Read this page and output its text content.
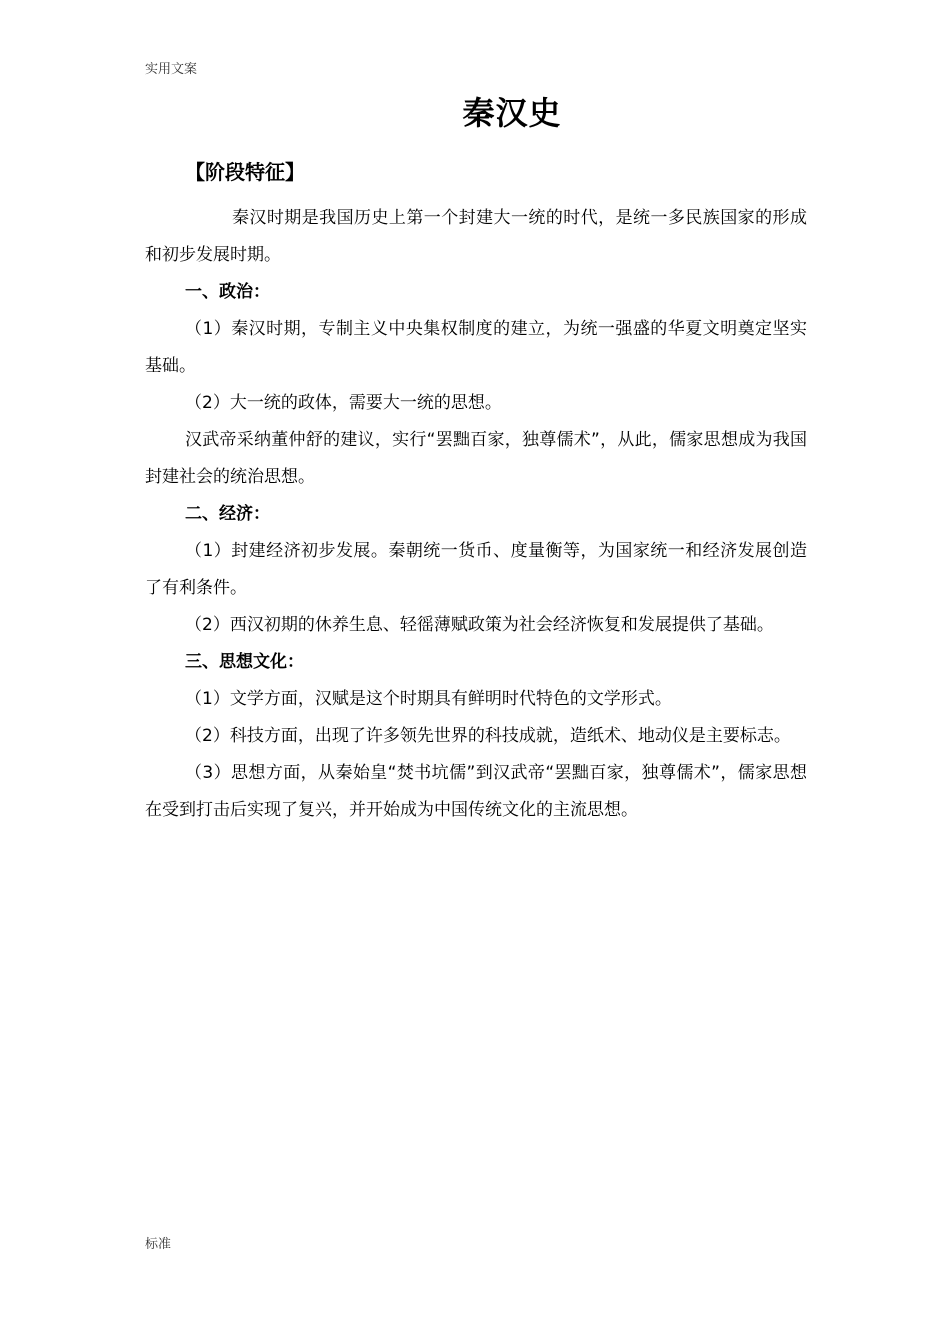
实用文案
秦汉史
【阶段特征】

秦汉时期是我国历史上第一个封建大一统的时代，是统一多民族国家的形成和初步发展时期。

一、政治：

（1）秦汉时期，专制主义中央集权制度的建立，为统一强盛的华夏文明奠定坚实基础。

（2）大一统的政体，需要大一统的思想。

汉武帝采纳董仲舒的建议，实行“罢黜百家，独尊儒术”，从此，儒家思想成为我国封建社会的统治思想。

二、经济：

（1）封建经济初步发展。秦朝统一货币、度量衡等，为国家统一和经济发展创造了有利条件。

（2）西汉初期的休养生息、轻徭薄赋政策为社会经济恢复和发展提供了基础。

三、思想文化：

（1）文学方面，汉赋是这个时期具有鲜明时代特色的文学形式。

（2）科技方面，出现了许多领先世界的科技成就，造纸术、地动仪是主要标志。

（3）思想方面，从秦始皇“焚书坑儒”到汉武帝“罢黜百家，独尊儒术”，儒家思想在受到打击后实现了复兴，并开始成为中国传统文化的主流思想。

标准
